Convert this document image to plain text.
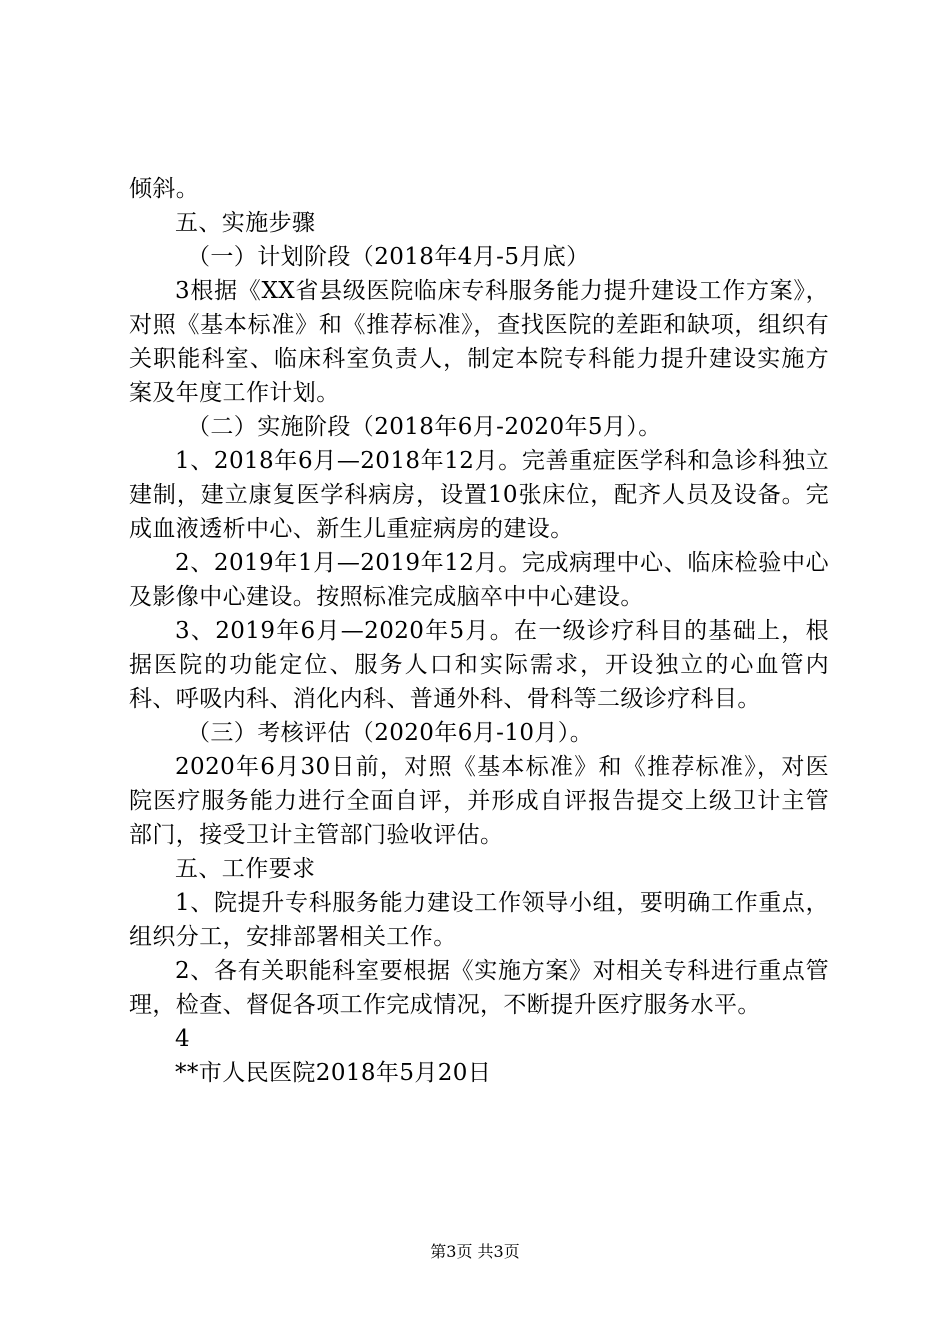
倾斜。

五、实施步骤

（一）计划阶段（2018年4月-5月底）

3根据《XX省县级医院临床专科服务能力提升建设工作方案》，对照《基本标准》和《推荐标准》，查找医院的差距和缺项，组织有关职能科室、临床科室负责人，制定本院专科能力提升建设实施方案及年度工作计划。

（二）实施阶段（2018年6月-2020年5月）。

1、2018年6月—2018年12月。完善重症医学科和急诊科独立建制，建立康复医学科病房，设置10张床位，配齐人员及设备。完成血液透析中心、新生儿重症病房的建设。

2、2019年1月—2019年12月。完成病理中心、临床检验中心及影像中心建设。按照标准完成脑卒中中心建设。

3、2019年6月—2020年5月。在一级诊疗科目的基础上，根据医院的功能定位、服务人口和实际需求，开设独立的心血管内科、呼吸内科、消化内科、普通外科、骨科等二级诊疗科目。

（三）考核评估（2020年6月-10月）。

2020年6月30日前，对照《基本标准》和《推荐标准》，对医院医疗服务能力进行全面自评，并形成自评报告提交上级卫计主管部门，接受卫计主管部门验收评估。

五、工作要求

1、院提升专科服务能力建设工作领导小组，要明确工作重点，组织分工，安排部署相关工作。

2、各有关职能科室要根据《实施方案》对相关专科进行重点管理，检查、督促各项工作完成情况，不断提升医疗服务水平。

4

**市人民医院2018年5月20日

第3页 共3页
